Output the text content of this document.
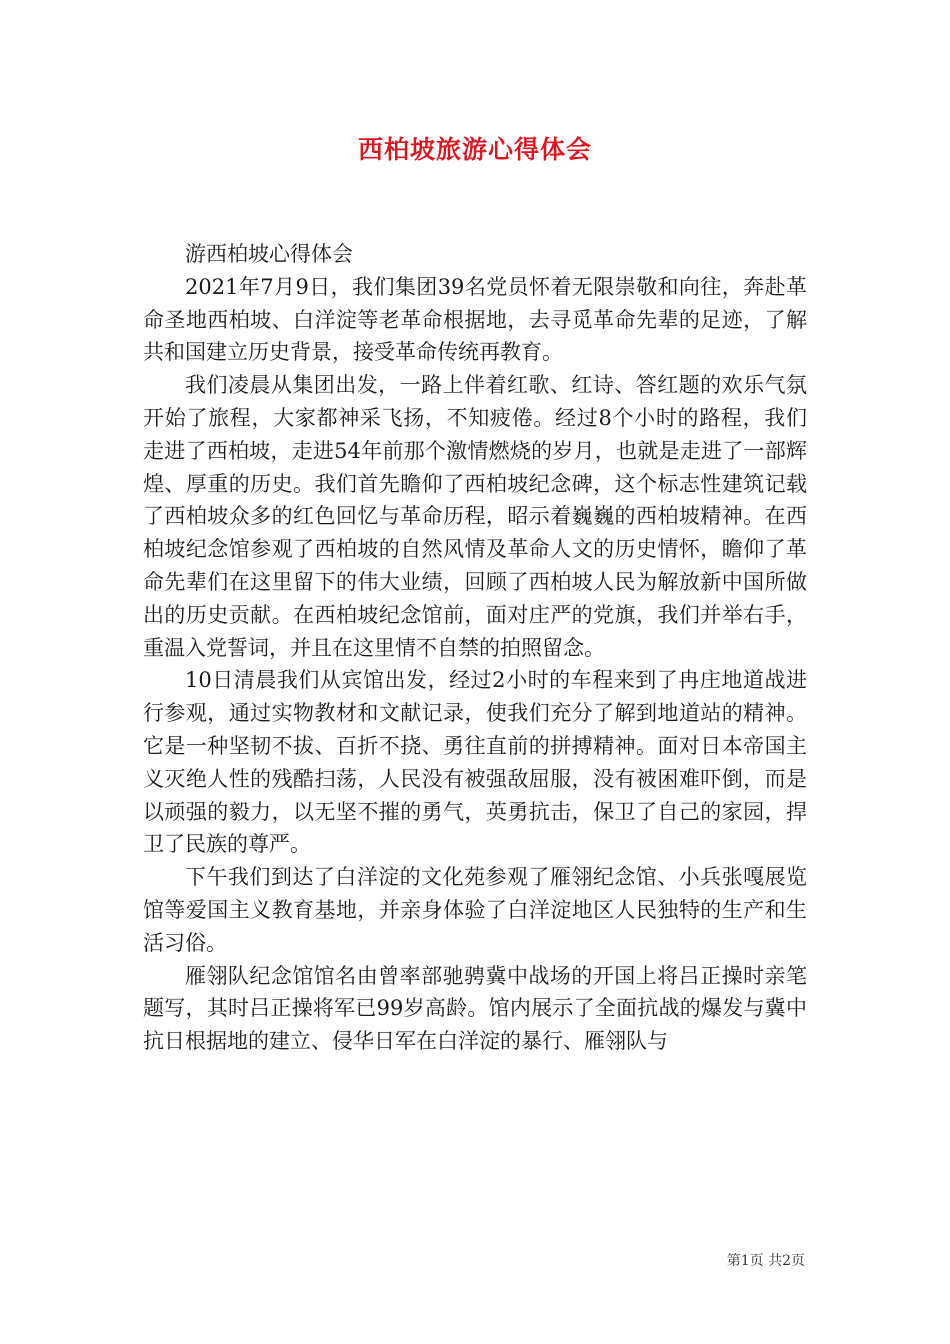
西柏坡旅游心得体会

游西柏坡心得体会

2021年7月9日，我们集团39名党员怀着无限崇敬和向往，奔赴革命圣地西柏坡、白洋淀等老革命根据地，去寻觅革命先辈的足迹，了解共和国建立历史背景，接受革命传统再教育。

我们凌晨从集团出发，一路上伴着红歌、红诗、答红题的欢乐气氛开始了旅程，大家都神采飞扬，不知疲倦。经过8个小时的路程，我们走进了西柏坡，走进54年前那个激情燃烧的岁月，也就是走进了一部辉煌、厚重的历史。我们首先瞻仰了西柏坡纪念碑，这个标志性建筑记载了西柏坡众多的红色回忆与革命历程，昭示着巍巍的西柏坡精神。在西柏坡纪念馆参观了西柏坡的自然风情及革命人文的历史情怀，瞻仰了革命先辈们在这里留下的伟大业绩，回顾了西柏坡人民为解放新中国所做出的历史贡献。在西柏坡纪念馆前，面对庄严的党旗，我们并举右手，重温入党誓词，并且在这里情不自禁的拍照留念。

10日清晨我们从宾馆出发，经过2小时的车程来到了冉庄地道战进行参观，通过实物教材和文献记录，使我们充分了解到地道站的精神。它是一种坚韧不拔、百折不挠、勇往直前的拼搏精神。面对日本帝国主义灭绝人性的残酷扫荡，人民没有被强敌屈服，没有被困难吓倒，而是以顽强的毅力，以无坚不摧的勇气，英勇抗击，保卫了自己的家园，捍卫了民族的尊严。

下午我们到达了白洋淀的文化苑参观了雁翎纪念馆、小兵张嘎展览馆等爱国主义教育基地，并亲身体验了白洋淀地区人民独特的生产和生活习俗。

雁翎队纪念馆馆名由曾率部驰骋冀中战场的开国上将吕正操时亲笔题写，其时吕正操将军已99岁高龄。馆内展示了全面抗战的爆发与冀中抗日根据地的建立、侵华日军在白洋淀的暴行、雁翎队与

第1页 共2页
